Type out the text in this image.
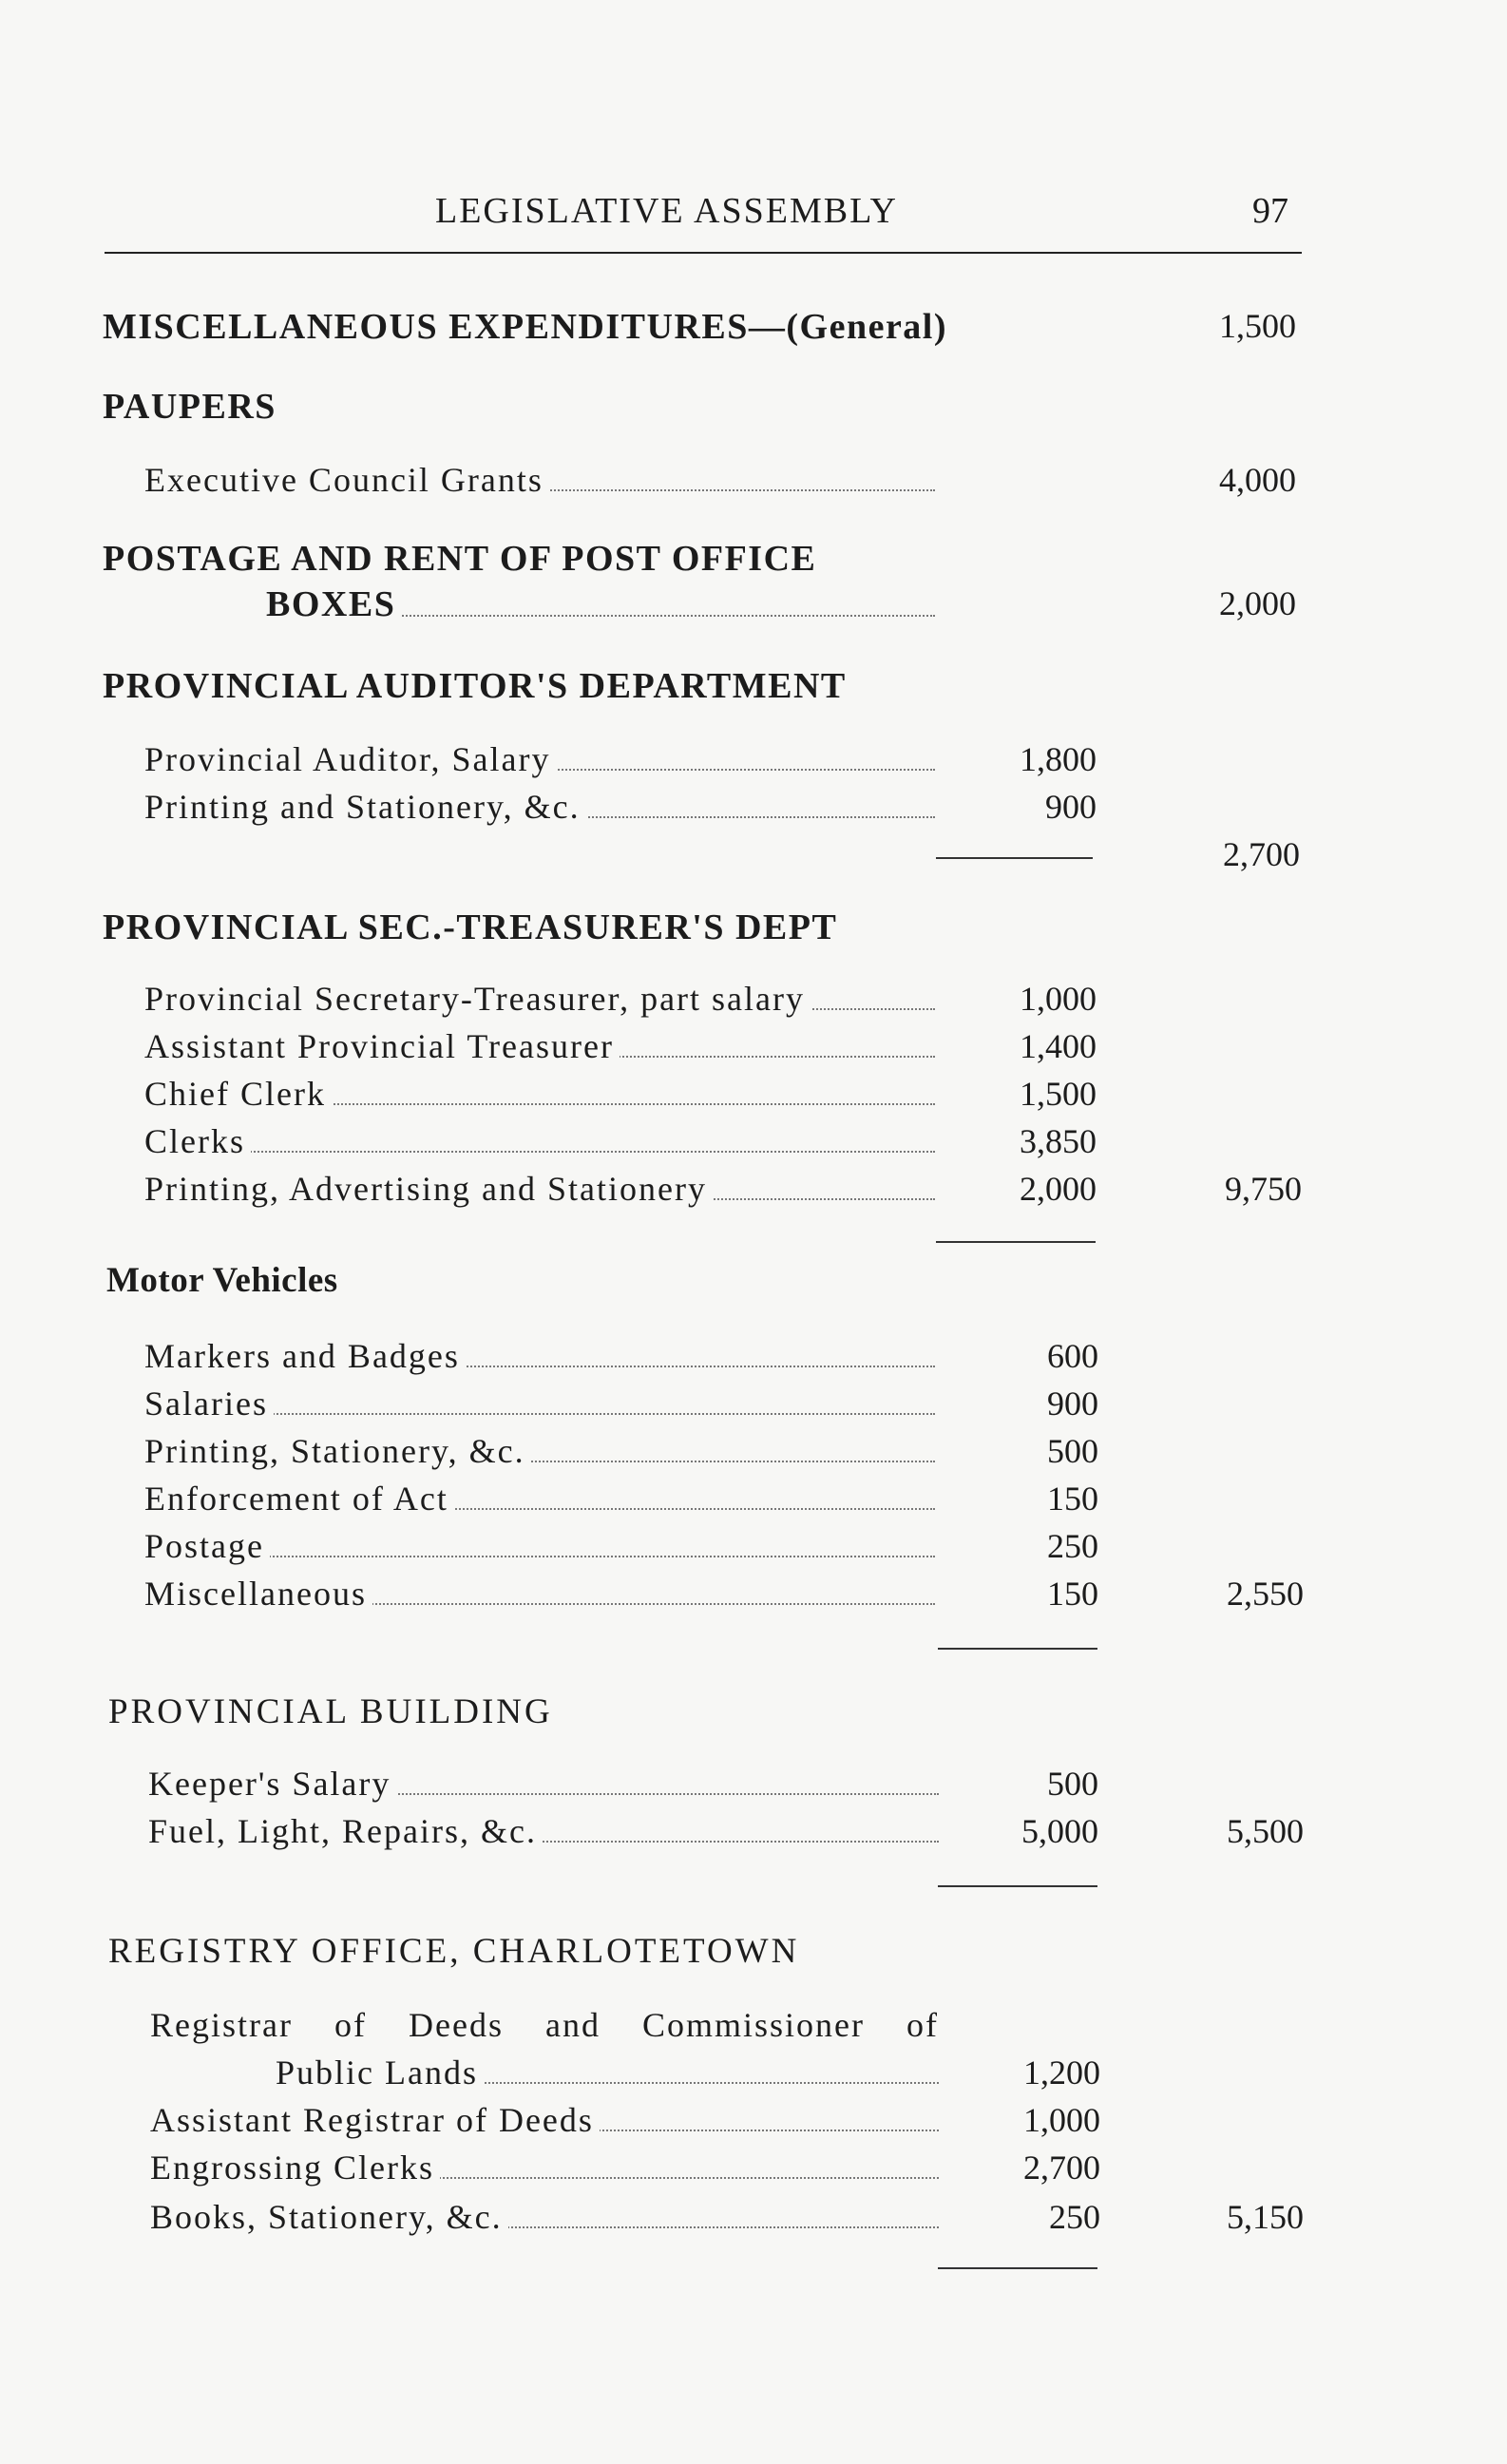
LEGISLATIVE ASSEMBLY	97
MISCELLANEOUS EXPENDITURES—(General)	1,500
PAUPERS
Executive Council Grants	4,000
POSTAGE AND RENT OF POST OFFICE
BOXES	2,000
PROVINCIAL AUDITOR'S DEPARTMENT
Provincial Auditor, Salary	1,800
Printing and Stationery, &c.	900
2,700
PROVINCIAL SEC.-TREASURER'S DEPT
Provincial Secretary-Treasurer, part salary	1,000
Assistant Provincial Treasurer	1,400
Chief Clerk	1,500
Clerks	3,850
Printing, Advertising and Stationery	2,000	9,750
Motor Vehicles
Markers and Badges	600
Salaries	900
Printing, Stationery, &c.	500
Enforcement of Act	150
Postage	250
Miscellaneous	150	2,550
PROVINCIAL BUILDING
Keeper's Salary	500
Fuel, Light, Repairs, &c.	5,000	5,500
REGISTRY OFFICE, CHARLOTETOWN
Registrar of Deeds and Commissioner of
Public Lands	1,200
Assistant Registrar of Deeds	1,000
Engrossing Clerks	2,700
Books, Stationery, &c.	250	5,150
